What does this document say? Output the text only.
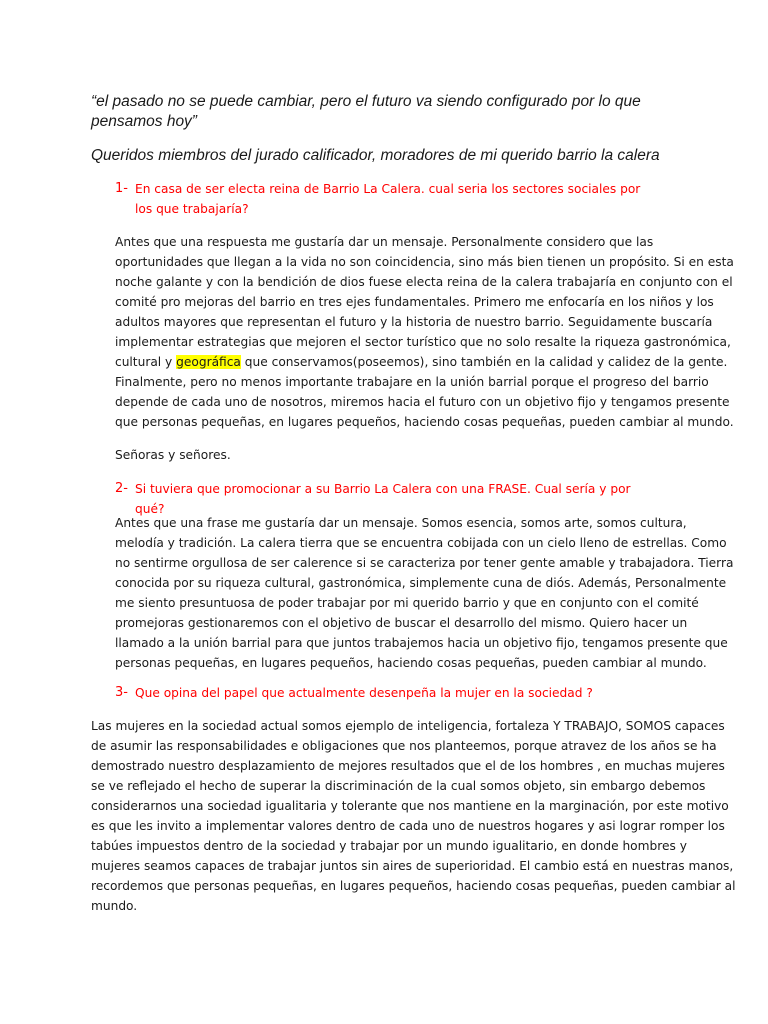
“el pasado no se puede cambiar, pero el futuro va siendo configurado por lo que pensamos hoy”
Queridos miembros del jurado calificador, moradores de mi querido barrio la calera
1- En casa de ser electa reina de Barrio La Calera. cual seria los sectores sociales por los que trabajaría?
Antes que una respuesta me gustaría dar un mensaje. Personalmente considero que las
oportunidades que llegan a la vida no son coincidencia, sino más bien tienen un propósito. Si en esta
noche galante y con la bendición de dios fuese electa reina de la calera trabajaría en conjunto con el
comité pro mejoras del barrio en tres ejes fundamentales. Primero me enfocaría en los niños y los
adultos mayores que representan el futuro y la historia de nuestro barrio. Seguidamente buscaría
implementar estrategias que mejoren el sector turístico que no solo resalte la riqueza gastronómica,
cultural y geográfica que conservamos(poseemos), sino también en la calidad y calidez de la gente.
Finalmente, pero no menos importante trabajare en la unión barrial porque el progreso del barrio
depende de cada uno de nosotros, miremos hacia el futuro con un objetivo fijo y tengamos presente
que personas pequeñas, en lugares pequeños, haciendo cosas pequeñas, pueden cambiar al mundo.
Señoras y señores.
2- Si tuviera que promocionar a su Barrio La Calera con una FRASE. Cual sería y por qué?
Antes que una frase me gustaría dar un mensaje. Somos esencia, somos arte, somos cultura,
melodía y tradición. La calera tierra que se encuentra cobijada con un cielo lleno de estrellas. Como
no sentirme orgullosa de ser calerence si se caracteriza por tener gente amable y trabajadora. Tierra
conocida por su riqueza cultural, gastronómica, simplemente cuna de diós. Además, Personalmente
me siento presuntuosa de poder trabajar por mi querido barrio y que en conjunto con el comité
promejoras gestionaremos con el objetivo de buscar el desarrollo del mismo. Quiero hacer un
llamado a la unión barrial para que juntos trabajemos hacia un objetivo fijo, tengamos presente que
personas pequeñas, en lugares pequeños, haciendo cosas pequeñas, pueden cambiar al mundo.
3- Que opina del papel que actualmente desenpeña la mujer en la sociedad ?
Las mujeres en la sociedad actual somos ejemplo de inteligencia, fortaleza Y TRABAJO, SOMOS capaces
de asumir las responsabilidades e obligaciones que nos planteemos, porque atravez de los años se ha
demostrado nuestro desplazamiento de mejores resultados que el de los hombres , en muchas mujeres
se ve reflejado el hecho de superar la discriminación de la cual somos objeto, sin embargo debemos
considerarnos una sociedad igualitaria y tolerante que nos mantiene en la marginación, por este motivo
es que les invito a implementar valores dentro de cada uno de nuestros hogares y asi lograr romper los
tabúes impuestos dentro de la sociedad y trabajar por un mundo igualitario, en donde hombres y
mujeres seamos capaces de trabajar juntos sin aires de superioridad. El cambio está en nuestras manos,
recordemos que personas pequeñas, en lugares pequeños, haciendo cosas pequeñas, pueden cambiar al
mundo.
